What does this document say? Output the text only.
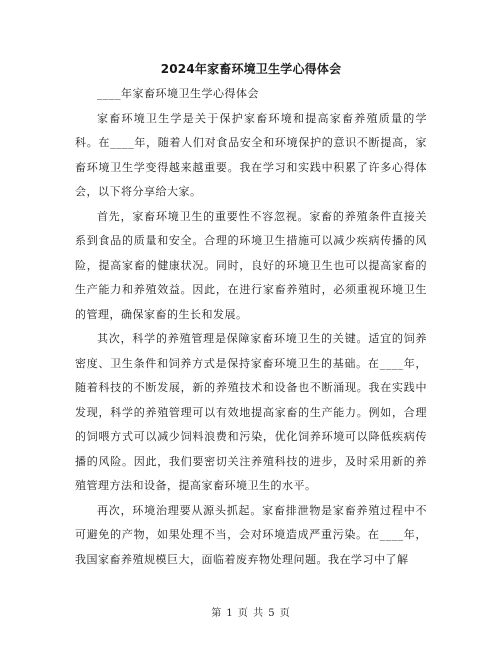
2024年家畜环境卫生学心得体会

____年家畜环境卫生学心得体会

家畜环境卫生学是关于保护家畜环境和提高家畜养殖质量的学科。在____年，随着人们对食品安全和环境保护的意识不断提高，家畜环境卫生学变得越来越重要。我在学习和实践中积累了许多心得体会，以下将分享给大家。

首先，家畜环境卫生的重要性不容忽视。家畜的养殖条件直接关系到食品的质量和安全。合理的环境卫生措施可以减少疾病传播的风险，提高家畜的健康状况。同时，良好的环境卫生也可以提高家畜的生产能力和养殖效益。因此，在进行家畜养殖时，必须重视环境卫生的管理，确保家畜的生长和发展。

其次，科学的养殖管理是保障家畜环境卫生的关键。适宜的饲养密度、卫生条件和饲养方式是保持家畜环境卫生的基础。在____年，随着科技的不断发展，新的养殖技术和设备也不断涌现。我在实践中发现，科学的养殖管理可以有效地提高家畜的生产能力。例如，合理的饲喂方式可以减少饲料浪费和污染，优化饲养环境可以降低疾病传播的风险。因此，我们要密切关注养殖科技的进步，及时采用新的养殖管理方法和设备，提高家畜环境卫生的水平。

再次，环境治理要从源头抓起。家畜排泄物是家畜养殖过程中不可避免的产物，如果处理不当，会对环境造成严重污染。在____年，我国家畜养殖规模巨大，面临着废弃物处理问题。我在学习中了解

第 1 页 共 5 页
